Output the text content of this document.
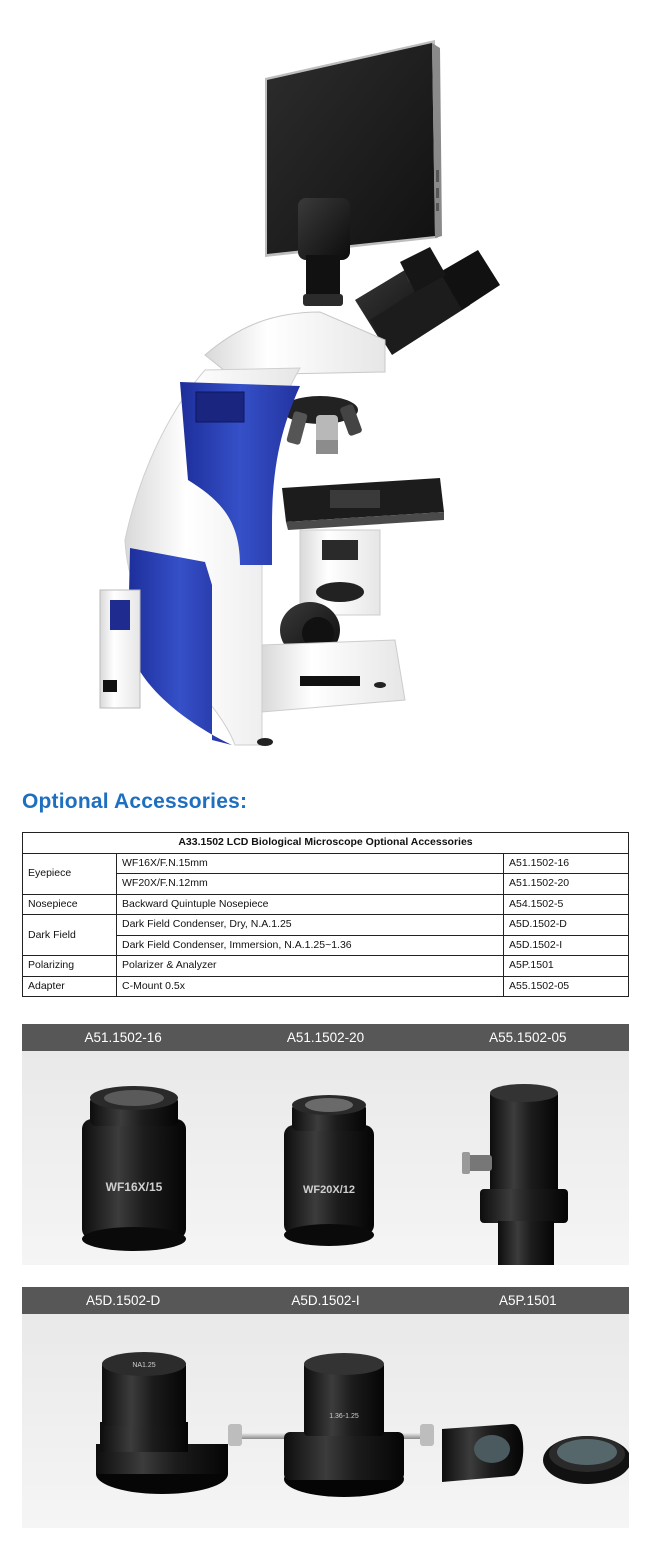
Optional Accessories:
A33.1502 LCD Biological Microscope Optional Accessories		
Eyepiece	WF16X/F.N.15mm	A51.1502-16
	WF20X/F.N.12mm	A51.1502-20
Nosepiece	Backward Quintuple Nosepiece	A54.1502-5
Dark Field	Dark Field Condenser, Dry, N.A.1.25	A5D.1502-D
	Dark Field Condenser, Immersion, N.A.1.25~1.36	A5D.1502-I
Polarizing	Polarizer & Analyzer	A5P.1501
Adapter	C-Mount 0.5x	A55.1502-05
A51.1502-16	A51.1502-20	A55.1502-05
WF16X/15	WF20X/12
A5D.1502-D	A5D.1502-I	A5P.1501
NA1.25
1.36-1.25
